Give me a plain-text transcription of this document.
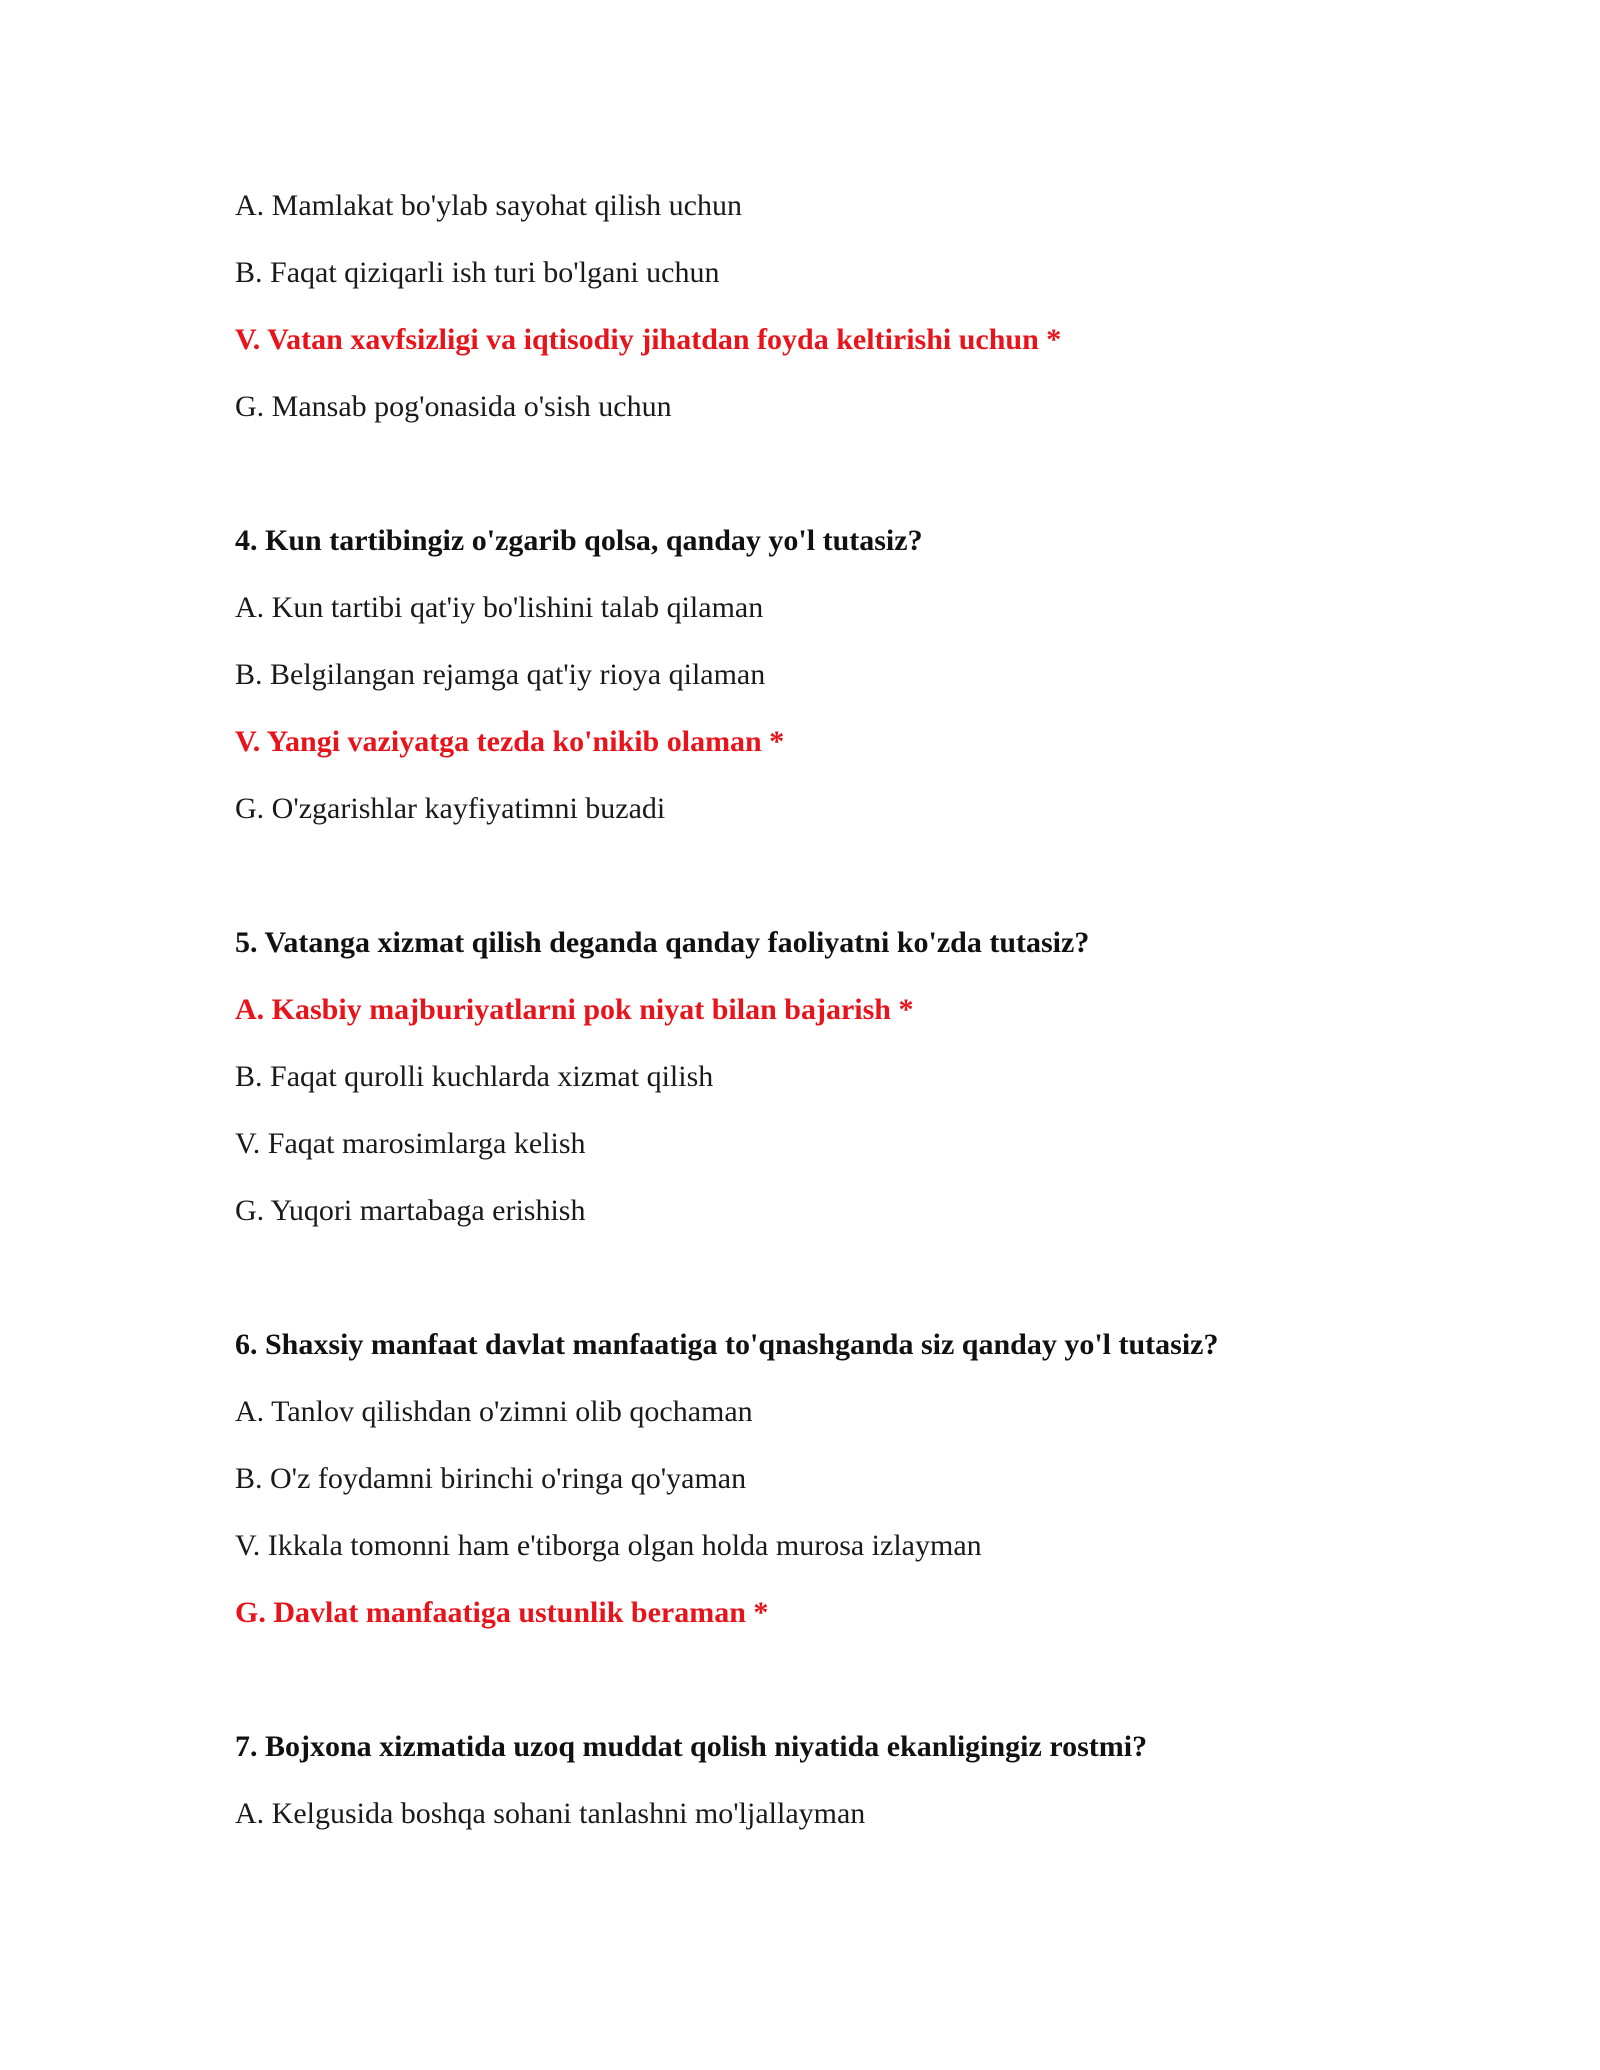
A. Mamlakat bo'ylab sayohat qilish uchun
B. Faqat qiziqarli ish turi bo'lgani uchun
V. Vatan xavfsizligi va iqtisodiy jihatdan foyda keltirishi uchun *
G. Mansab pog'onasida o'sish uchun
4. Kun tartibingiz o'zgarib qolsa, qanday yo'l tutasiz?
A. Kun tartibi qat'iy bo'lishini talab qilaman
B. Belgilangan rejamga qat'iy rioya qilaman
V. Yangi vaziyatga tezda ko'nikib olaman *
G. O'zgarishlar kayfiyatimni buzadi
5. Vatanga xizmat qilish deganda qanday faoliyatni ko'zda tutasiz?
A. Kasbiy majburiyatlarni pok niyat bilan bajarish *
B. Faqat qurolli kuchlarda xizmat qilish
V. Faqat marosimlarga kelish
G. Yuqori martabaga erishish
6. Shaxsiy manfaat davlat manfaatiga to'qnashganda siz qanday yo'l tutasiz?
A. Tanlov qilishdan o'zimni olib qochaman
B. O'z foydamni birinchi o'ringa qo'yaman
V. Ikkala tomonni ham e'tiborga olgan holda murosa izlayman
G. Davlat manfaatiga ustunlik beraman *
7. Bojxona xizmatida uzoq muddat qolish niyatida ekanligingiz rostmi?
A. Kelgusida boshqa sohani tanlashni mo'ljallayman
